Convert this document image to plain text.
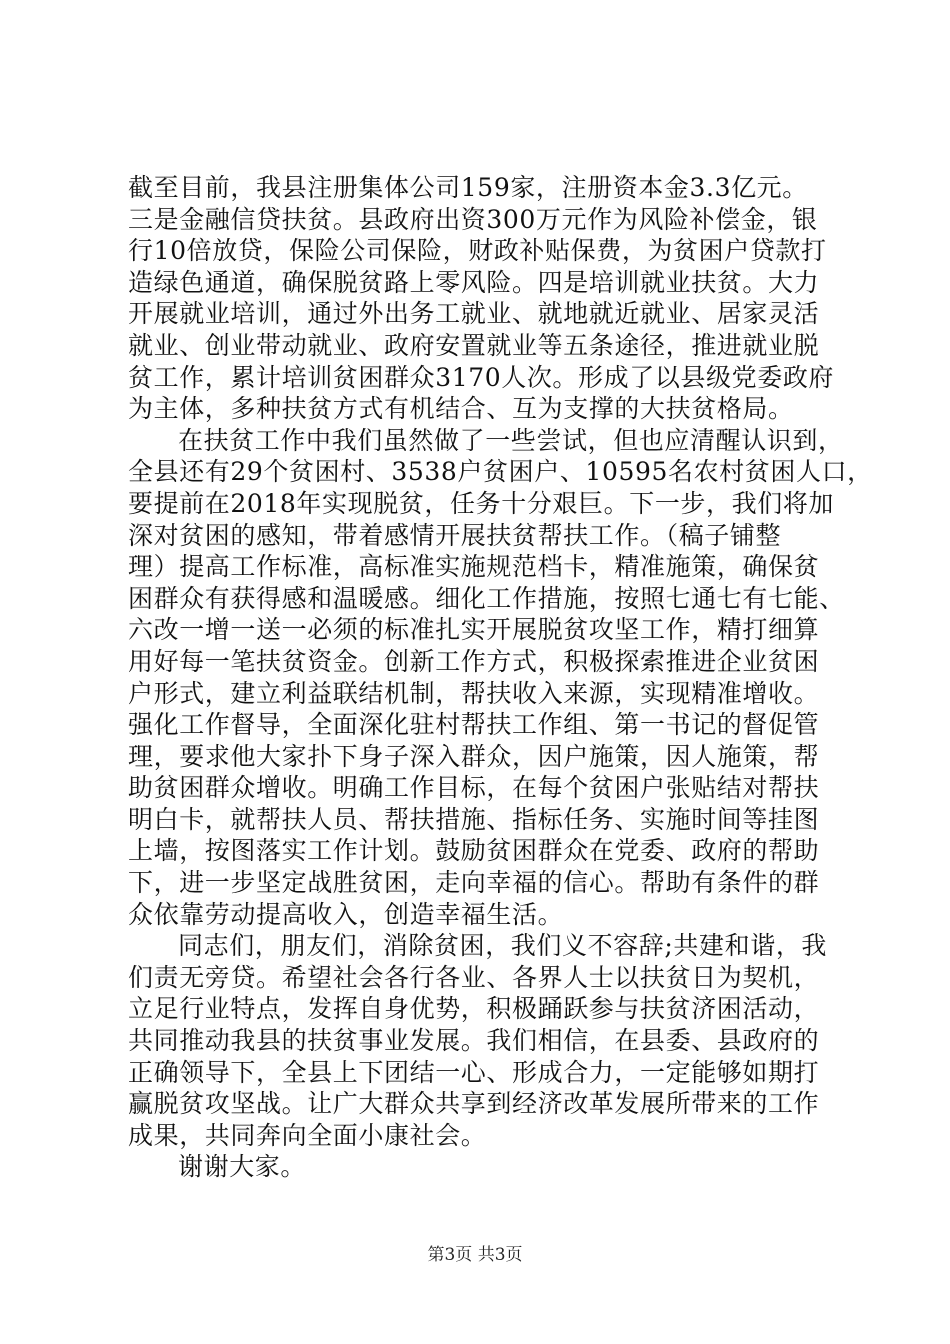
截至目前，我县注册集体公司159家，注册资本金3.3亿元。
三是金融信贷扶贫。县政府出资300万元作为风险补偿金，银
行10倍放贷，保险公司保险，财政补贴保费，为贫困户贷款打
造绿色通道，确保脱贫路上零风险。四是培训就业扶贫。大力
开展就业培训，通过外出务工就业、就地就近就业、居家灵活
就业、创业带动就业、政府安置就业等五条途径，推进就业脱
贫工作，累计培训贫困群众3170人次。形成了以县级党委政府
为主体，多种扶贫方式有机结合、互为支撑的大扶贫格局。
在扶贫工作中我们虽然做了一些尝试，但也应清醒认识到，
全县还有29个贫困村、3538户贫困户、10595名农村贫困人口，
要提前在2018年实现脱贫，任务十分艰巨。下一步，我们将加
深对贫困的感知，带着感情开展扶贫帮扶工作。（稿子铺整
理）提高工作标准，高标准实施规范档卡，精准施策，确保贫
困群众有获得感和温暖感。细化工作措施，按照七通七有七能、
六改一增一送一必须的标准扎实开展脱贫攻坚工作，精打细算
用好每一笔扶贫资金。创新工作方式，积极探索推进企业贫困
户形式，建立利益联结机制，帮扶收入来源，实现精准增收。
强化工作督导，全面深化驻村帮扶工作组、第一书记的督促管
理，要求他大家扑下身子深入群众，因户施策，因人施策，帮
助贫困群众增收。明确工作目标，在每个贫困户张贴结对帮扶
明白卡，就帮扶人员、帮扶措施、指标任务、实施时间等挂图
上墙，按图落实工作计划。鼓励贫困群众在党委、政府的帮助
下，进一步坚定战胜贫困，走向幸福的信心。帮助有条件的群
众依靠劳动提高收入，创造幸福生活。
同志们，朋友们，消除贫困，我们义不容辞;共建和谐，我
们责无旁贷。希望社会各行各业、各界人士以扶贫日为契机，
立足行业特点，发挥自身优势，积极踊跃参与扶贫济困活动，
共同推动我县的扶贫事业发展。我们相信，在县委、县政府的
正确领导下，全县上下团结一心、形成合力，一定能够如期打
赢脱贫攻坚战。让广大群众共享到经济改革发展所带来的工作
成果，共同奔向全面小康社会。
谢谢大家。
第3页 共3页
